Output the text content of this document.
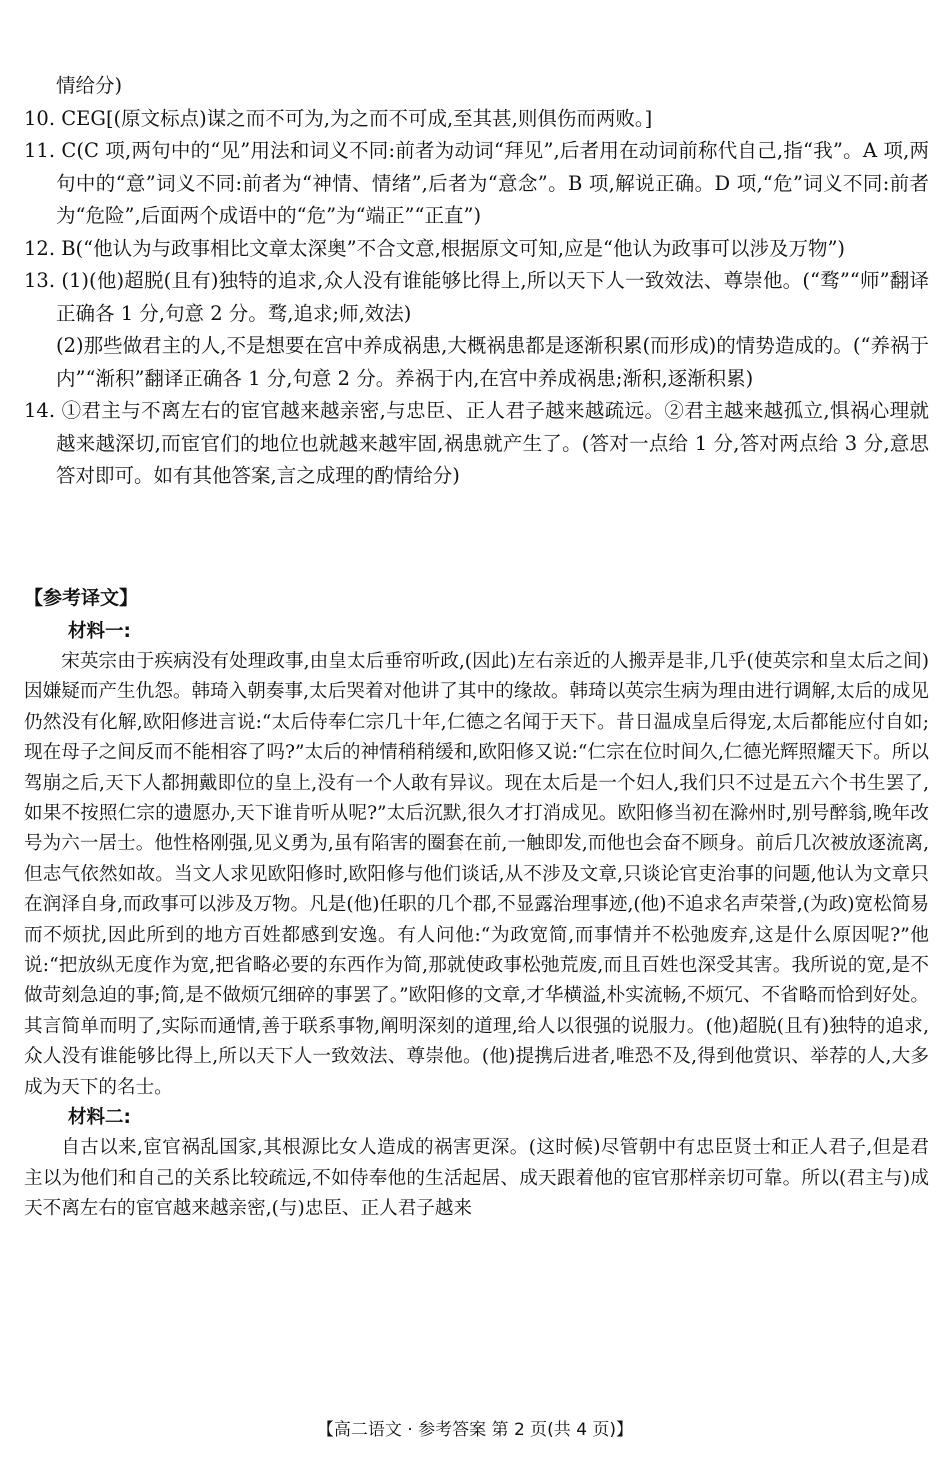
情给分)

10. CEG[(原文标点)谋之而不可为,为之而不可成,至其甚,则俱伤而两败。]

11. C(C 项,两句中的“见”用法和词义不同:前者为动词“拜见”,后者用在动词前称代自己,指“我”。A 项,两句中的“意”词义不同:前者为“神情、情绪”,后者为“意念”。B 项,解说正确。D 项,“危”词义不同:前者为“危险”,后面两个成语中的“危”为“端正”“正直”)

12. B(“他认为与政事相比文章太深奥”不合文意,根据原文可知,应是“他认为政事可以涉及万物”)

13. (1)(他)超脱(且有)独特的追求,众人没有谁能够比得上,所以天下人一致效法、尊崇他。(“骛”“师”翻译正确各 1 分,句意 2 分。骛,追求;师,效法)

(2)那些做君主的人,不是想要在宫中养成祸患,大概祸患都是逐渐积累(而形成)的情势造成的。(“养祸于内”“渐积”翻译正确各 1 分,句意 2 分。养祸于内,在宫中养成祸患;渐积,逐渐积累)

14. ①君主与不离左右的宦官越来越亲密,与忠臣、正人君子越来越疏远。②君主越来越孤立,惧祸心理就越来越深切,而宦官们的地位也就越来越牢固,祸患就产生了。(答对一点给 1 分,答对两点给 3 分,意思答对即可。如有其他答案,言之成理的酌情给分)

【参考译文】
材料一:

宋英宗由于疾病没有处理政事,由皇太后垂帘听政,(因此)左右亲近的人搬弄是非,几乎(使英宗和皇太后之间)因嫌疑而产生仇怨。韩琦入朝奏事,太后哭着对他讲了其中的缘故。韩琦以英宗生病为理由进行调解,太后的成见仍然没有化解,欧阳修进言说:“太后侍奉仁宗几十年,仁德之名闻于天下。昔日温成皇后得宠,太后都能应付自如;现在母子之间反而不能相容了吗?”太后的神情稍稍缓和,欧阳修又说:“仁宗在位时间久,仁德光辉照耀天下。所以驾崩之后,天下人都拥戴即位的皇上,没有一个人敢有异议。现在太后是一个妇人,我们只不过是五六个书生罢了,如果不按照仁宗的遗愿办,天下谁肯听从呢?”太后沉默,很久才打消成见。欧阳修当初在滁州时,别号醉翁,晚年改号为六一居士。他性格刚强,见义勇为,虽有陷害的圈套在前,一触即发,而他也会奋不顾身。前后几次被放逐流离,但志气依然如故。当文人求见欧阳修时,欧阳修与他们谈话,从不涉及文章,只谈论官吏治事的问题,他认为文章只在润泽自身,而政事可以涉及万物。凡是(他)任职的几个郡,不显露治理事迹,(他)不追求名声荣誉,(为政)宽松简易而不烦扰,因此所到的地方百姓都感到安逸。有人问他:“为政宽简,而事情并不松弛废弃,这是什么原因呢?”他说:“把放纵无度作为宽,把省略必要的东西作为简,那就使政事松弛荒废,而且百姓也深受其害。我所说的宽,是不做苛刻急迫的事;简,是不做烦冗细碎的事罢了。”欧阳修的文章,才华横溢,朴实流畅,不烦冗、不省略而恰到好处。其言简单而明了,实际而通情,善于联系事物,阐明深刻的道理,给人以很强的说服力。(他)超脱(且有)独特的追求,众人没有谁能够比得上,所以天下人一致效法、尊崇他。(他)提携后进者,唯恐不及,得到他赏识、举荐的人,大多成为天下的名士。

材料二:

自古以来,宦官祸乱国家,其根源比女人造成的祸害更深。(这时候)尽管朝中有忠臣贤士和正人君子,但是君主以为他们和自己的关系比较疏远,不如侍奉他的生活起居、成天跟着他的宦官那样亲切可靠。所以(君主与)成天不离左右的宦官越来越亲密,(与)忠臣、正人君子越来

【高二语文 · 参考答案 第 2 页(共 4 页)】
